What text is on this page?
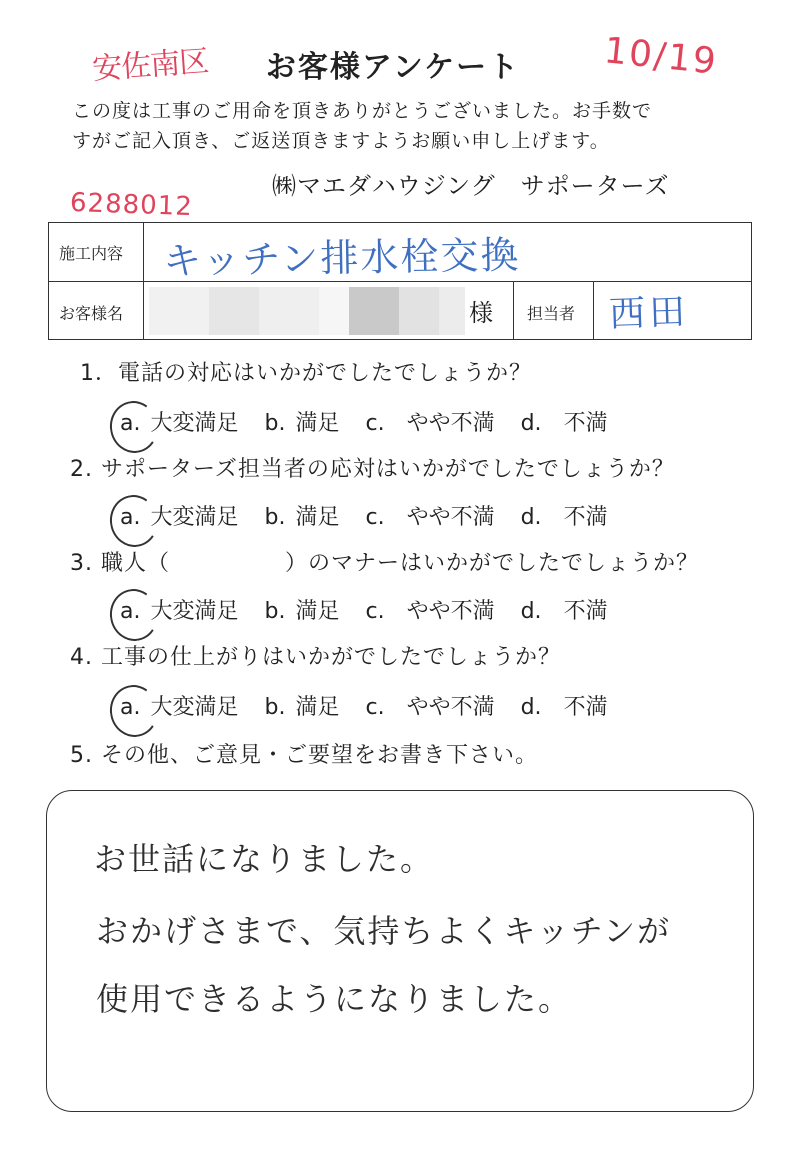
安佐南区	お客様アンケート	10/19
この度は工事のご用命を頂きありがとうございました。お手数で
すがご記入頂き、ご返送頂きますようお願い申し上げます。
㈱マエダハウジング　サポーターズ
6288012
施工内容 キッチン排水栓交換
お客様名	様 担当者 西田
1．電話の対応はいかがでしたでしょうか？
a. 大変満足 b. 満足 c. やや不満 d. 不満
2. サポーターズ担当者の応対はいかがでしたでしょうか？
a. 大変満足 b. 満足 c. やや不満 d. 不満
3. 職人（　　　　　）のマナーはいかがでしたでしょうか？
a. 大変満足 b. 満足 c. やや不満 d. 不満
4. 工事の仕上がりはいかがでしたでしょうか？
a. 大変満足 b. 満足 c. やや不満 d. 不満
5. その他、ご意見・ご要望をお書き下さい。
お世話になりました。
おかげさまで、気持ちよくキッチンが
使用できるようになりました。
